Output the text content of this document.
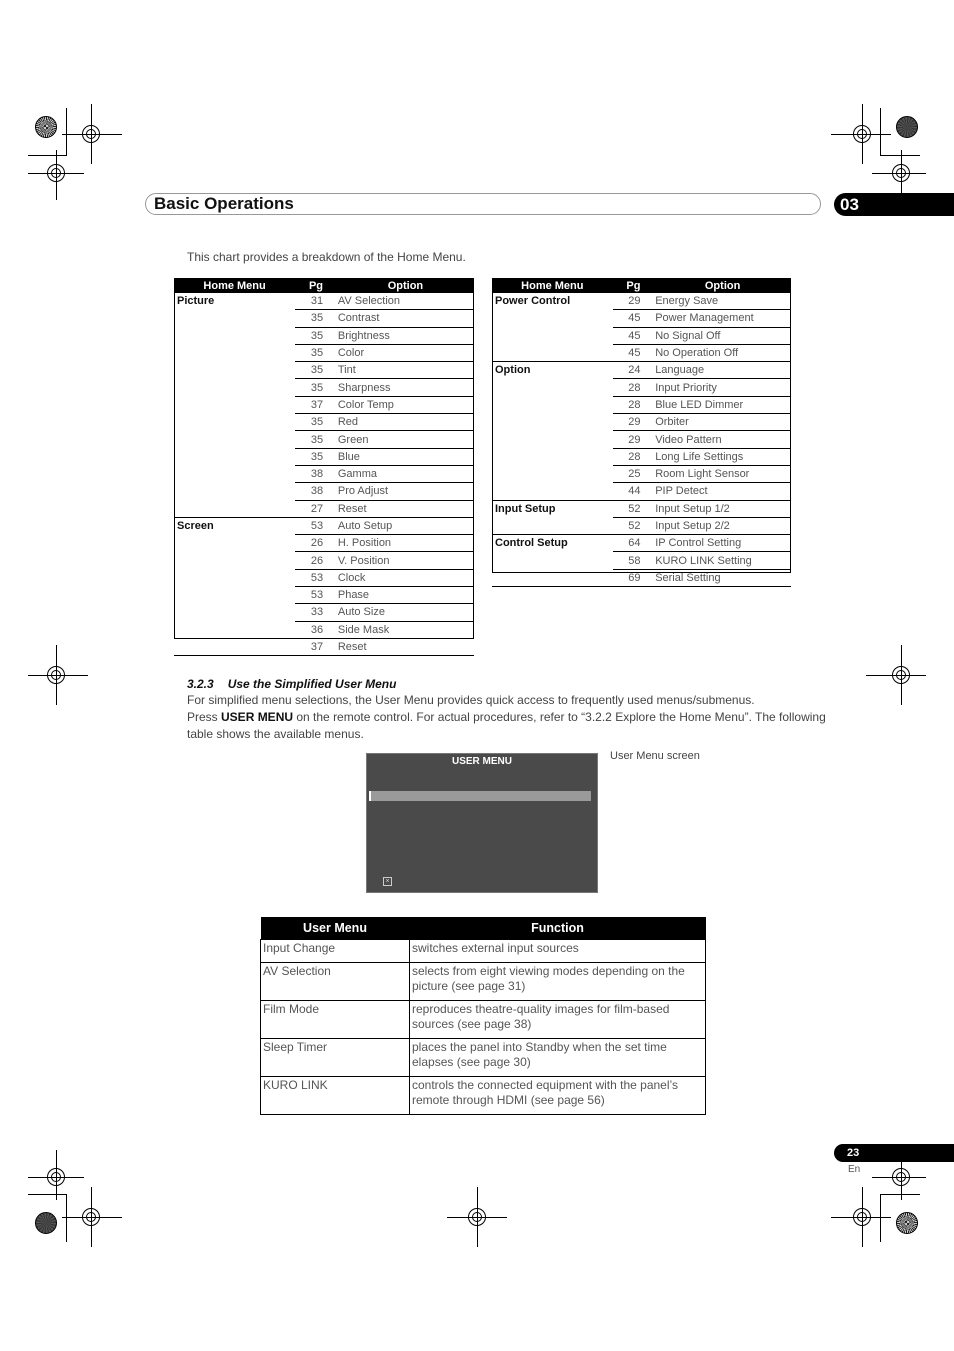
Basic Operations	03
This chart provides a breakdown of the Home Menu.
Home Menu	Pg	Option
Picture	31	AV Selection
	35	Contrast
	35	Brightness
	35	Color
	35	Tint
	35	Sharpness
	37	Color Temp
	35	Red
	35	Green
	35	Blue
	38	Gamma
	38	Pro Adjust
	27	Reset
Screen	53	Auto Setup
	26	H. Position
	26	V. Position
	53	Clock
	53	Phase
	33	Auto Size
	36	Side Mask
	37	Reset
Home Menu	Pg	Option
Power Control	29	Energy Save
	45	Power Management
	45	No Signal Off
	45	No Operation Off
Option	24	Language
	28	Input Priority
	28	Blue LED Dimmer
	29	Orbiter
	29	Video Pattern
	28	Long Life Settings
	25	Room Light Sensor
	44	PIP Detect
Input Setup	52	Input Setup 1/2
	52	Input Setup 2/2
Control Setup	64	IP Control Setting
	58	KURO LINK Setting
	69	Serial Setting
3.2.3 Use the Simplified User Menu
For simplified menu selections, the User Menu provides quick access to frequently used menus/submenus.
Press USER MENU on the remote control. For actual procedures, refer to “3.2.2 Explore the Home Menu”. The following table shows the available menus.
USER MENU
×
User Menu screen
User Menu	Function
Input Change	switches external input sources
AV Selection	selects from eight viewing modes depending on the picture (see page 31)
Film Mode	reproduces theatre-quality images for film-based sources (see page 38)
Sleep Timer	places the panel into Standby when the set time elapses (see page 30)
KURO LINK	controls the connected equipment with the panel’s remote through HDMI (see page 56)
23
En
